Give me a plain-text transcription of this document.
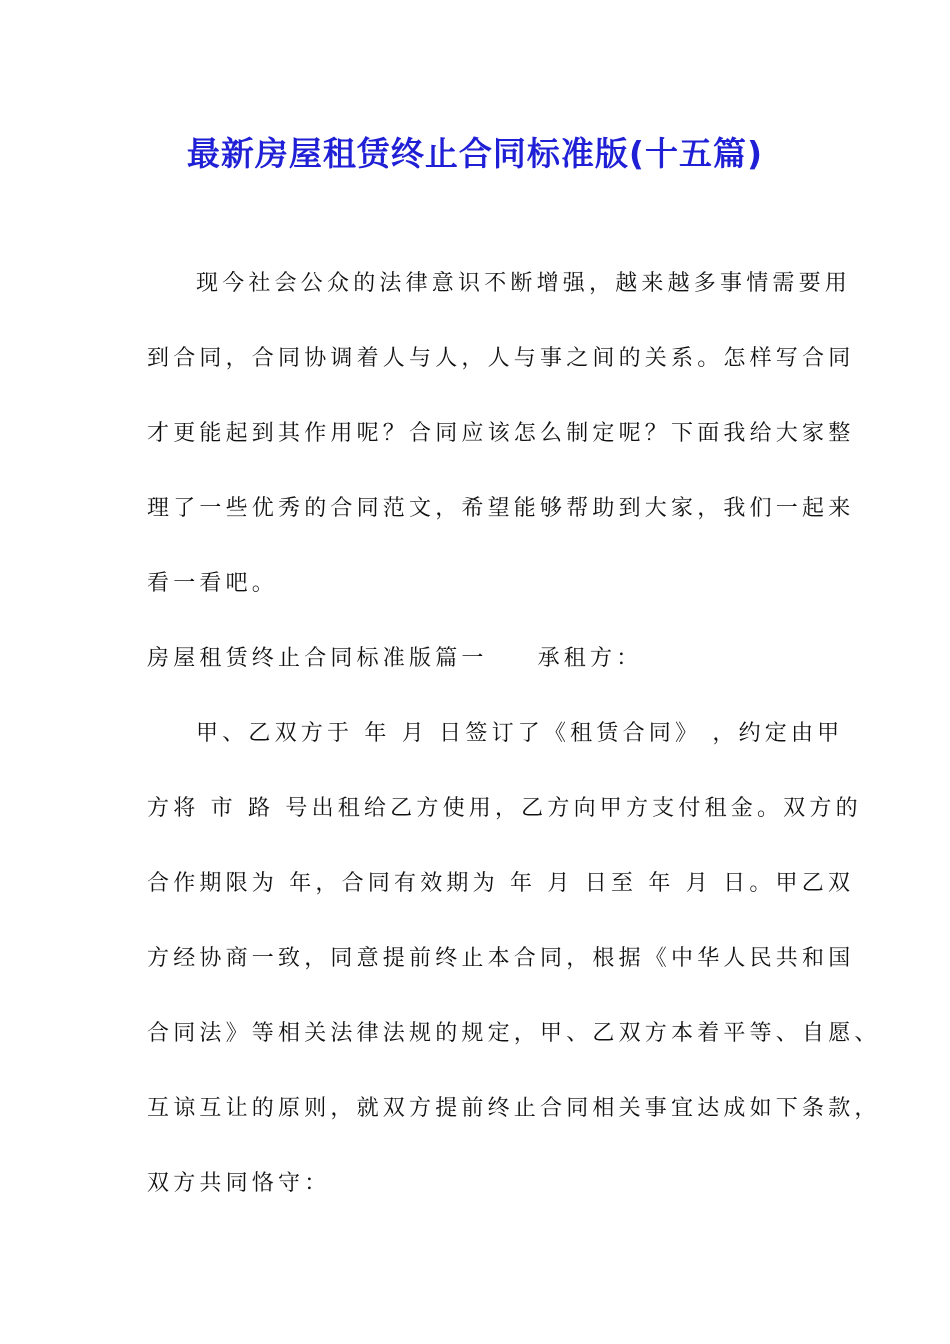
最新房屋租赁终止合同标准版(十五篇)
现今社会公众的法律意识不断增强，越来越多事情需要用
到合同，合同协调着人与人，人与事之间的关系。怎样写合同
才更能起到其作用呢？合同应该怎么制定呢？下面我给大家整
理了一些优秀的合同范文，希望能够帮助到大家，我们一起来
看一看吧。
房屋租赁终止合同标准版篇一 承租方：
甲、乙双方于 年 月 日签订了《租赁合同》 ，约定由甲
方将 市 路 号出租给乙方使用，乙方向甲方支付租金。双方的
合作期限为 年，合同有效期为 年 月 日至 年 月 日。甲乙双
方经协商一致，同意提前终止本合同，根据《中华人民共和国
合同法》等相关法律法规的规定，甲、乙双方本着平等、自愿、
互谅互让的原则，就双方提前终止合同相关事宜达成如下条款，
双方共同恪守：
